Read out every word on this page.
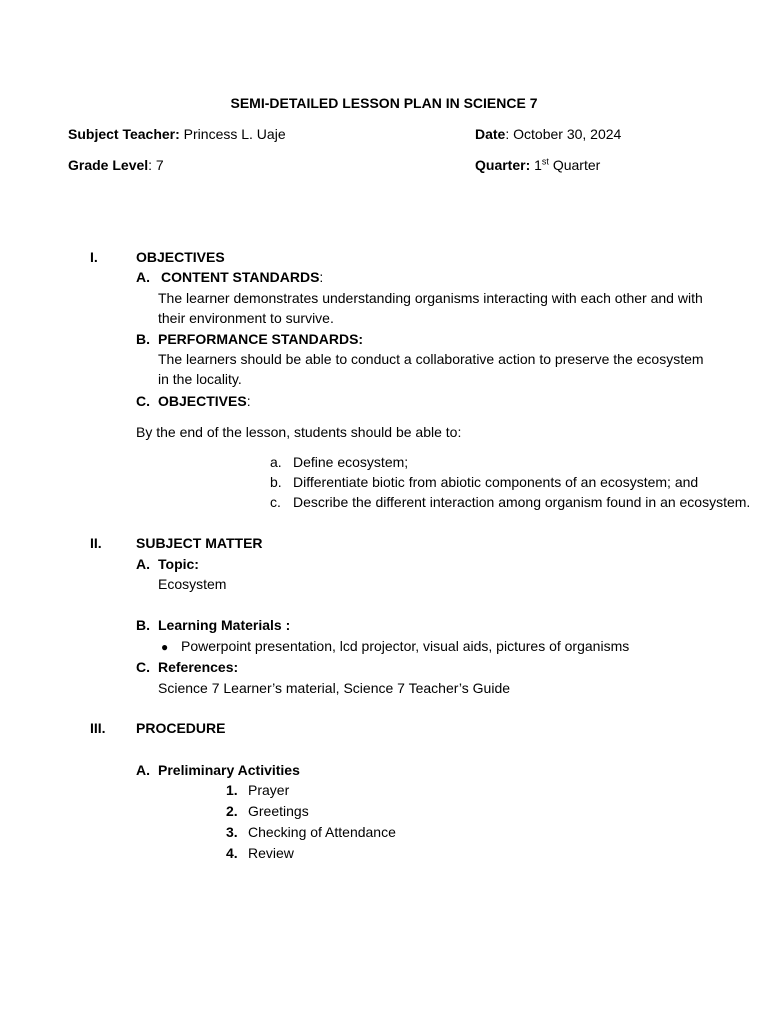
SEMI-DETAILED LESSON PLAN IN SCIENCE 7
Subject Teacher: Princess L. Uaje	Date: October 30, 2024
Grade Level: 7	Quarter: 1st Quarter
I.	OBJECTIVES
A. CONTENT STANDARDS:
The learner demonstrates understanding organisms interacting with each other and with their environment to survive.
B. PERFORMANCE STANDARDS:
The learners should be able to conduct a collaborative action to preserve the ecosystem in the locality.
C. OBJECTIVES:
By the end of the lesson, students should be able to:
a. Define ecosystem;
b. Differentiate biotic from abiotic components of an ecosystem; and
c. Describe the different interaction among organism found in an ecosystem.
II. SUBJECT MATTER
A. Topic:
Ecosystem
B. Learning Materials :
● Powerpoint presentation, lcd projector, visual aids, pictures of organisms
C. References:
Science 7 Learner’s material, Science 7 Teacher’s Guide
III. PROCEDURE
A. Preliminary Activities
1. Prayer
2. Greetings
3. Checking of Attendance
4. Review
